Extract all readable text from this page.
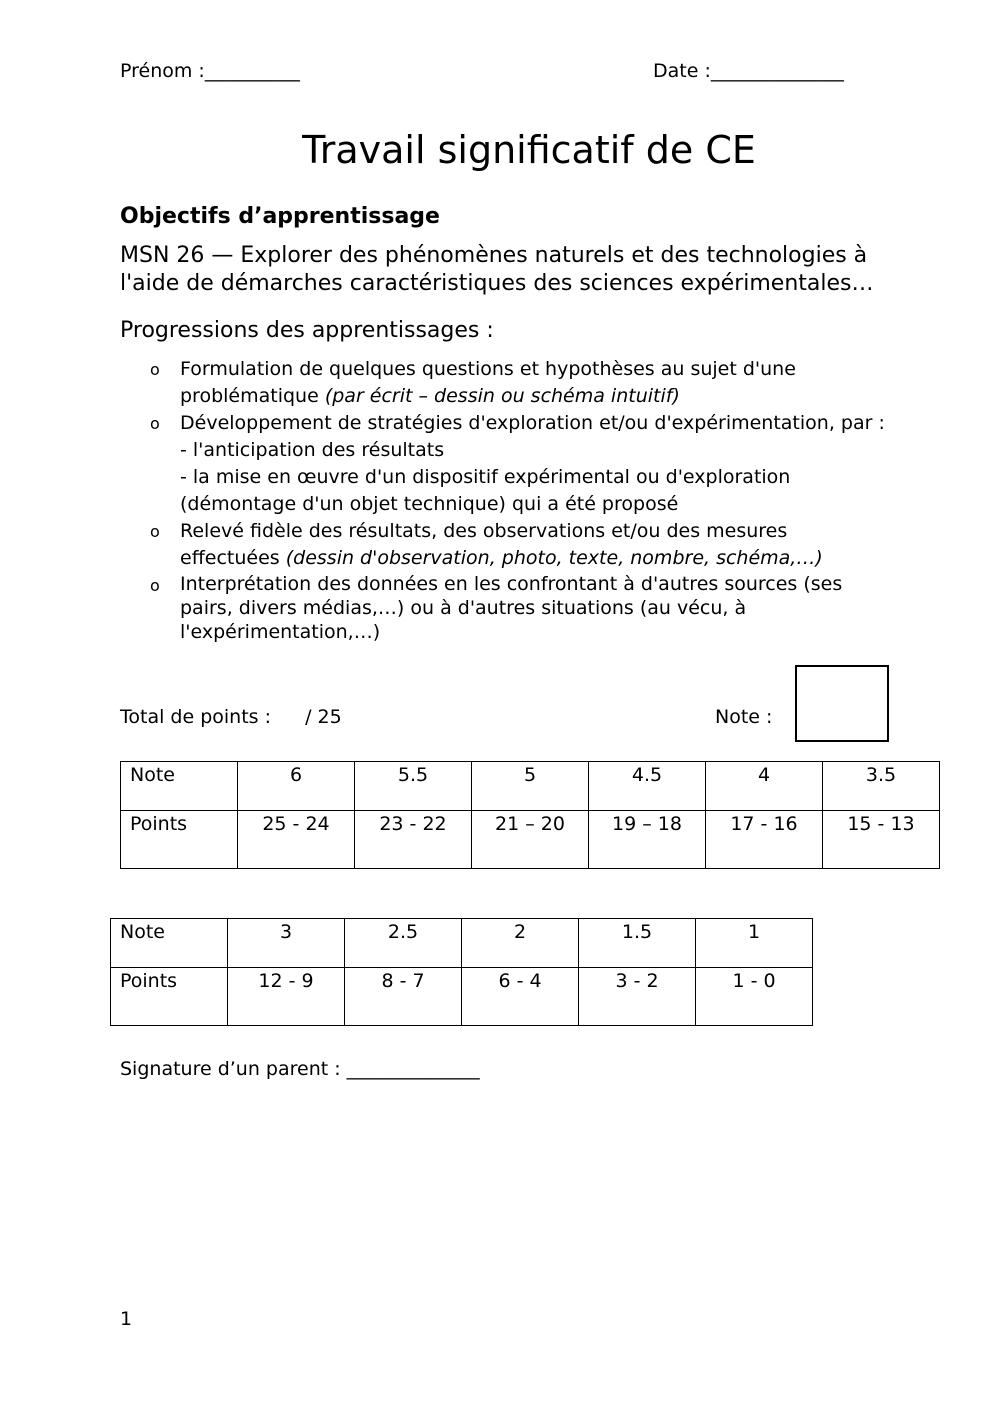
Prénom :__________	Date :______________
Travail significatif de CE
Objectifs d’apprentissage
MSN 26 — Explorer des phénomènes naturels et des technologies à
l'aide de démarches caractéristiques des sciences expérimentales…
Progressions des apprentissages :
o Formulation de quelques questions et hypothèses au sujet d'une
problématique (par écrit – dessin ou schéma intuitif)
o Développement de stratégies d'exploration et/ou d'expérimentation, par :
- l'anticipation des résultats
- la mise en œuvre d'un dispositif expérimental ou d'exploration
(démontage d'un objet technique) qui a été proposé
o Relevé fidèle des résultats, des observations et/ou des mesures
effectuées (dessin d'observation, photo, texte, nombre, schéma,…)
o Interprétation des données en les confrontant à d'autres sources (ses
pairs, divers médias,…) ou à d'autres situations (au vécu, à
l'expérimentation,…)
Total de points : / 25	Note :
Note	6	5.5	5	4.5	4	3.5
Points	25 - 24	23 - 22	21 – 20	19 – 18	17 - 16	15 - 13
Note	3	2.5	2	1.5	1
Points	12 - 9	8 - 7	6 - 4	3 - 2	1 - 0
Signature d’un parent : ______________
1
